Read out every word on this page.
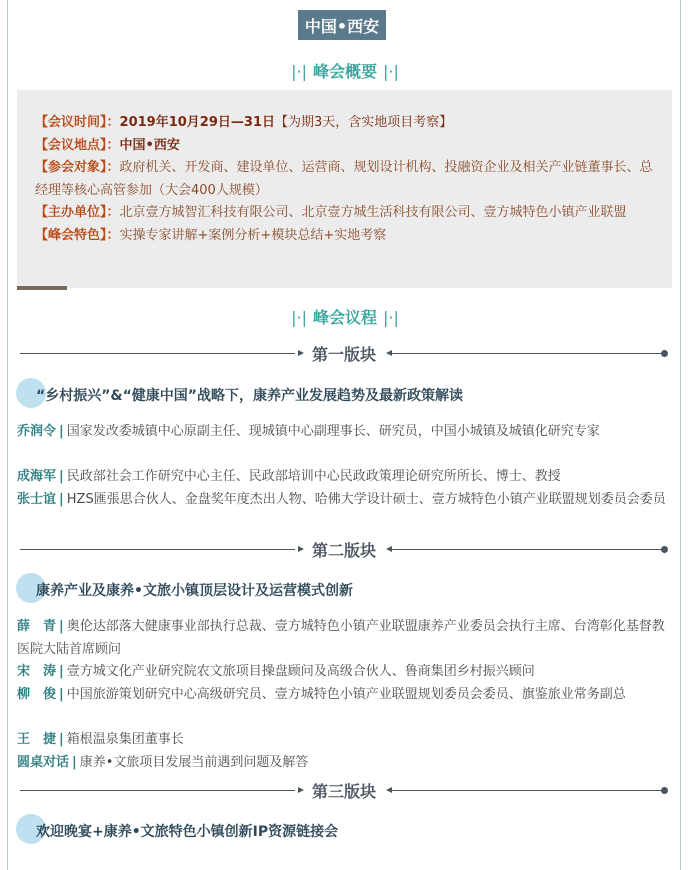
中国•西安
|·| 峰会概要 |·|
【会议时间】：2019年10月29日—31日【为期3天，含实地项目考察】
【会议地点】：中国•西安
【参会对象】：政府机关、开发商、建设单位、运营商、规划设计机构、投融资企业及相关产业链董事长、总经理等核心高管参加（大会400人规模）
【主办单位】：北京壹方城智汇科技有限公司、北京壹方城生活科技有限公司、壹方城特色小镇产业联盟
【峰会特色】：实操专家讲解+案例分析+模块总结+实地考察
|·| 峰会议程 |·|
第一版块
“乡村振兴”&“健康中国”战略下，康养产业发展趋势及最新政策解读
乔润令 | 国家发改委城镇中心原副主任、现城镇中心副理事长、研究员，中国小城镇及城镇化研究专家
成海军 | 民政部社会工作研究中心主任、民政部培训中心民政政策理论研究所所长、博士、教授
张士谊 | HZS匯張思合伙人、金盘奖年度杰出人物、哈佛大学设计硕士、壹方城特色小镇产业联盟规划委员会委员
第二版块
康养产业及康养•文旅小镇顶层设计及运营模式创新
薛　青 | 奥伦达部落大健康事业部执行总裁、壹方城特色小镇产业联盟康养产业委员会执行主席、台湾彰化基督教医院大陆首席顾问
宋　涛 | 壹方城文化产业研究院农文旅项目操盘顾问及高级合伙人、鲁商集团乡村振兴顾问
柳　俊 | 中国旅游策划研究中心高级研究员、壹方城特色小镇产业联盟规划委员会委员、旗鉴旅业常务副总
王　捷 | 箱根温泉集团董事长
圆桌对话 | 康养•文旅项目发展当前遇到问题及解答
第三版块
欢迎晚宴+康养•文旅特色小镇创新IP资源链接会
